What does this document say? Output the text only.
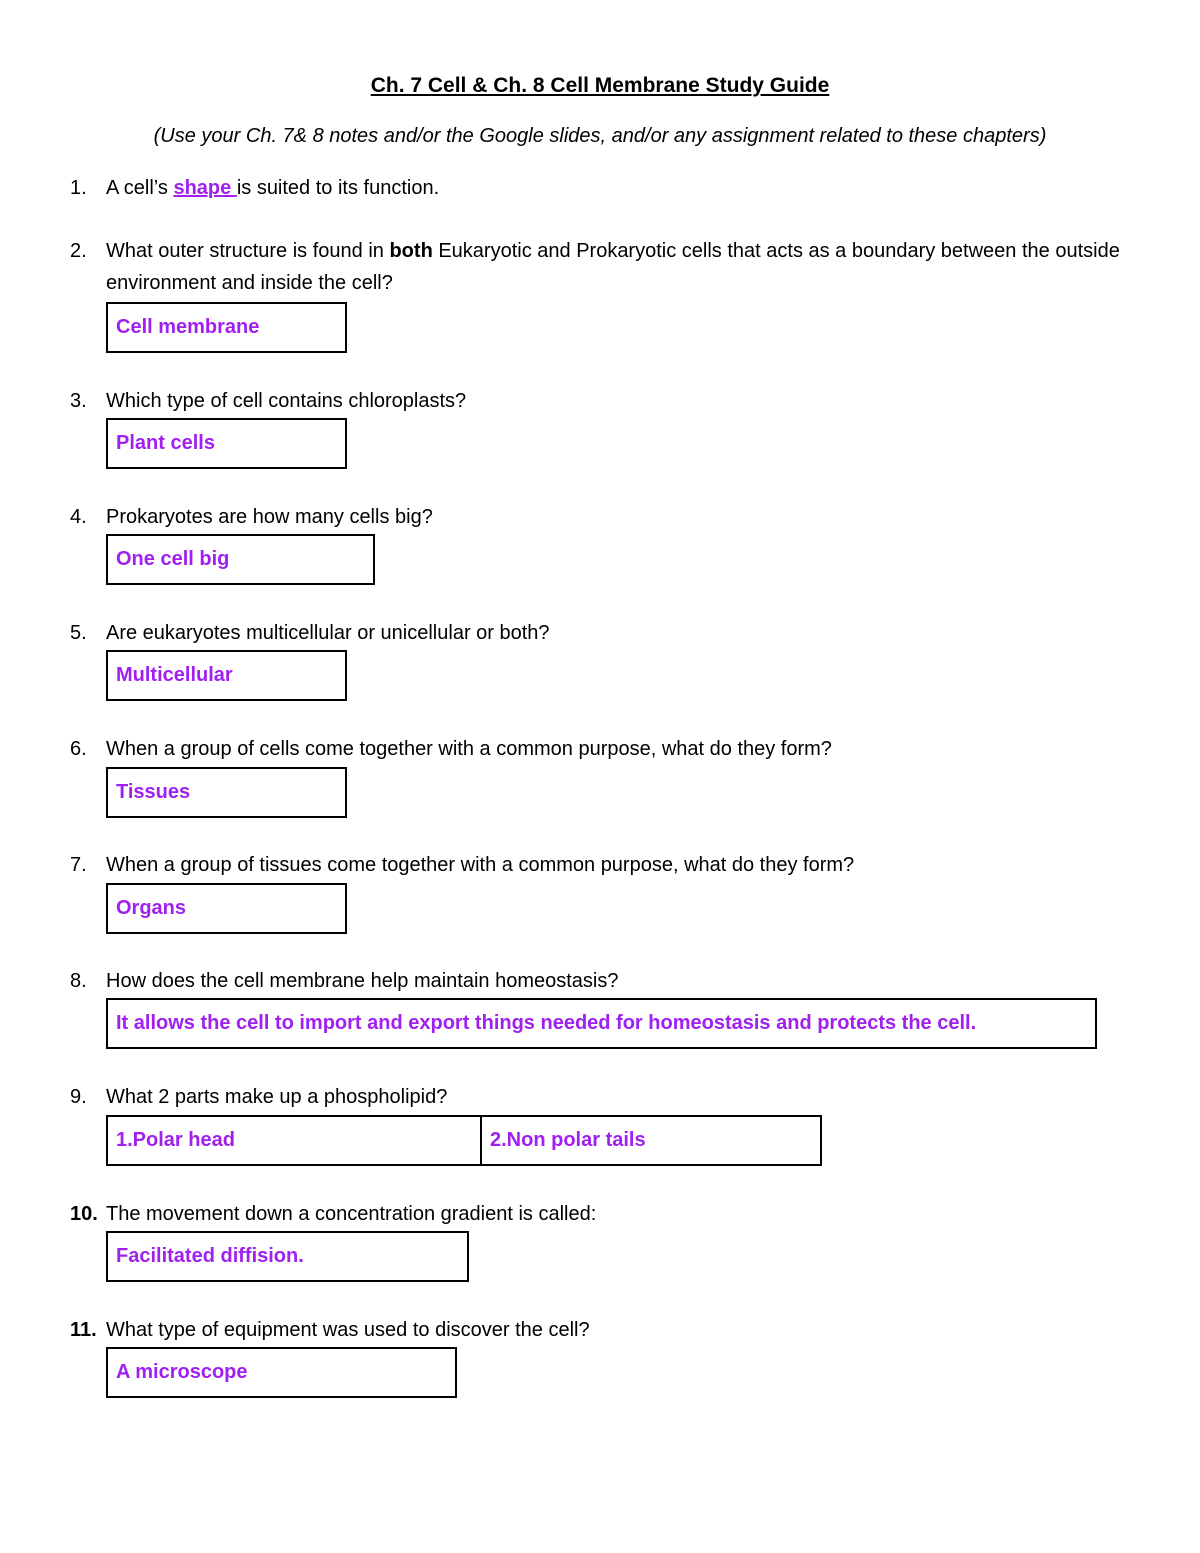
Ch. 7 Cell & Ch. 8 Cell Membrane Study Guide
(Use your Ch. 7& 8 notes and/or the Google slides, and/or any assignment related to these chapters)
1. A cell’s shape is suited to its function.
2. What outer structure is found in both Eukaryotic and Prokaryotic cells that acts as a boundary between the outside environment and inside the cell?
Cell membrane
3. Which type of cell contains chloroplasts?
Plant cells
4. Prokaryotes are how many cells big?
One cell big
5. Are eukaryotes multicellular or unicellular or both?
Multicellular
6. When a group of cells come together with a common purpose, what do they form?
Tissues
7. When a group of tissues come together with a common purpose, what do they form?
Organs
8. How does the cell membrane help maintain homeostasis?
It allows the cell to import and export things needed for homeostasis and protects the cell.
9. What 2 parts make up a phospholipid?
1.Polar head	2.Non polar tails
10. The movement down a concentration gradient is called:
Facilitated diffision.
11. What type of equipment was used to discover the cell?
A microscope
